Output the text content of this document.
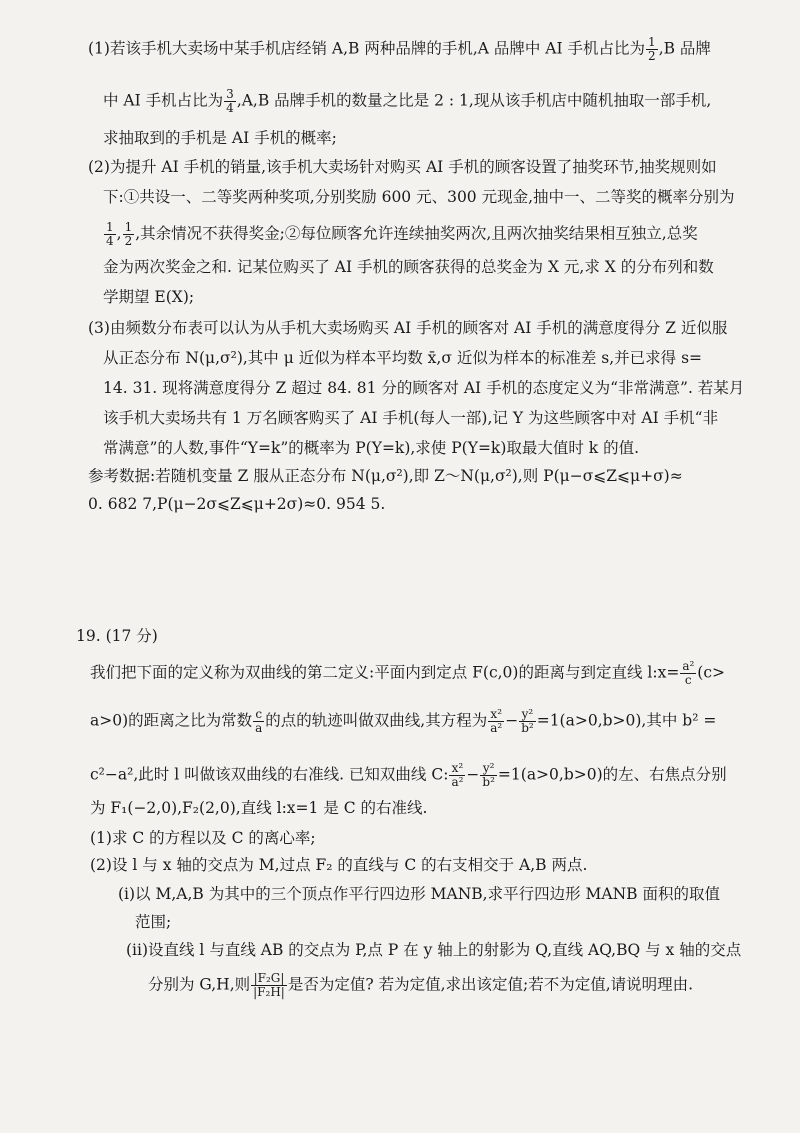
(1)若该手机大卖场中某手机店经销 A,B 两种品牌的手机,A 品牌中 AI 手机占比为 $\frac{1}{2} ,B$ 品牌
中 AI 手机占比为 $\frac{3}{4} ,A,B$ 品牌手机的数量之比是 2 : 1,现从该手机店中随机抽取一部手机,
求抽取到的手机是 AI 手机的概率;
(2)为提升 AI 手机的销量,该手机大卖场针对购买 AI 手机的顾客设置了抽奖环节,抽奖规则如
下:①共设一、二等奖两种奖项,分别奖励 600 元、300 元现金,抽中一、二等奖的概率分别为
$\frac{1}{4}$ , $\frac{1}{2}$ ,其余情况不获得奖金;②每位顾客允许连续抽奖两次,且两次抽奖结果相互独立,总奖
金为两次奖金之和. 记某位购买了 AI 手机的顾客获得的总奖金为 X 元,求 X 的分布列和数
学期望 E(X);
(3)由频数分布表可以认为从手机大卖场购买 AI 手机的顾客对 AI 手机的满意度得分 Z 近似服
从正态分布 N(μ,σ²),其中 μ 近似为样本平均数 x̄,σ 近似为样本的标准差 s,并已求得 s=
14. 31. 现将满意度得分 Z 超过 84. 81 分的顾客对 AI 手机的态度定义为“非常满意”. 若某月
该手机大卖场共有 1 万名顾客购买了 AI 手机(每人一部),记 Y 为这些顾客中对 AI 手机“非
常满意”的人数,事件“Y=k”的概率为 P(Y=k),求使 P(Y=k)取最大值时 k 的值.
参考数据:若随机变量 Z 服从正态分布 N(μ,σ²),即 Z～N(μ,σ²),则 P(μ−σ⩽Z⩽μ+σ)≈
0. 682 7,P(μ−2σ⩽Z⩽μ+2σ)≈0. 954 5.
19. (17 分)
我们把下面的定义称为双曲线的第二定义:平面内到定点 F(c,0)的距离与到定直线 l:x= $\frac{\text{a²}}{c} (c>$
a>0)的距离之比为常数 $\frac{c}{a}$ 的点的轨迹叫做双曲线,其方程为 $\frac{\text{x²}}{\text{a²}} - \frac{\text{y²}}{\text{b²}} =1(a>0,b>0)$,其中 b² =
c²−a²,此时 l 叫做该双曲线的右准线. 已知双曲线 C: $\frac{\text{x²}}{\text{a²}} - \frac{\text{y²}}{\text{b²}} =1(a>0,b>0)$的左、右焦点分别
为 F₁(−2,0),F₂(2,0),直线 l:x=1 是 C 的右准线.
(1)求 C 的方程以及 C 的离心率;
(2)设 l 与 x 轴的交点为 M,过点 F₂ 的直线与 C 的右支相交于 A,B 两点.
(i)以 M,A,B 为其中的三个顶点作平行四边形 MANB,求平行四边形 MANB 面积的取值
范围;
(ii)设直线 l 与直线 AB 的交点为 P,点 P 在 y 轴上的射影为 Q,直线 AQ,BQ 与 x 轴的交点
分别为 G,H,则 $\frac{\text{|F₂G|}}{\text{|F₂H|}}$ 是否为定值? 若为定值,求出该定值;若不为定值,请说明理由.
